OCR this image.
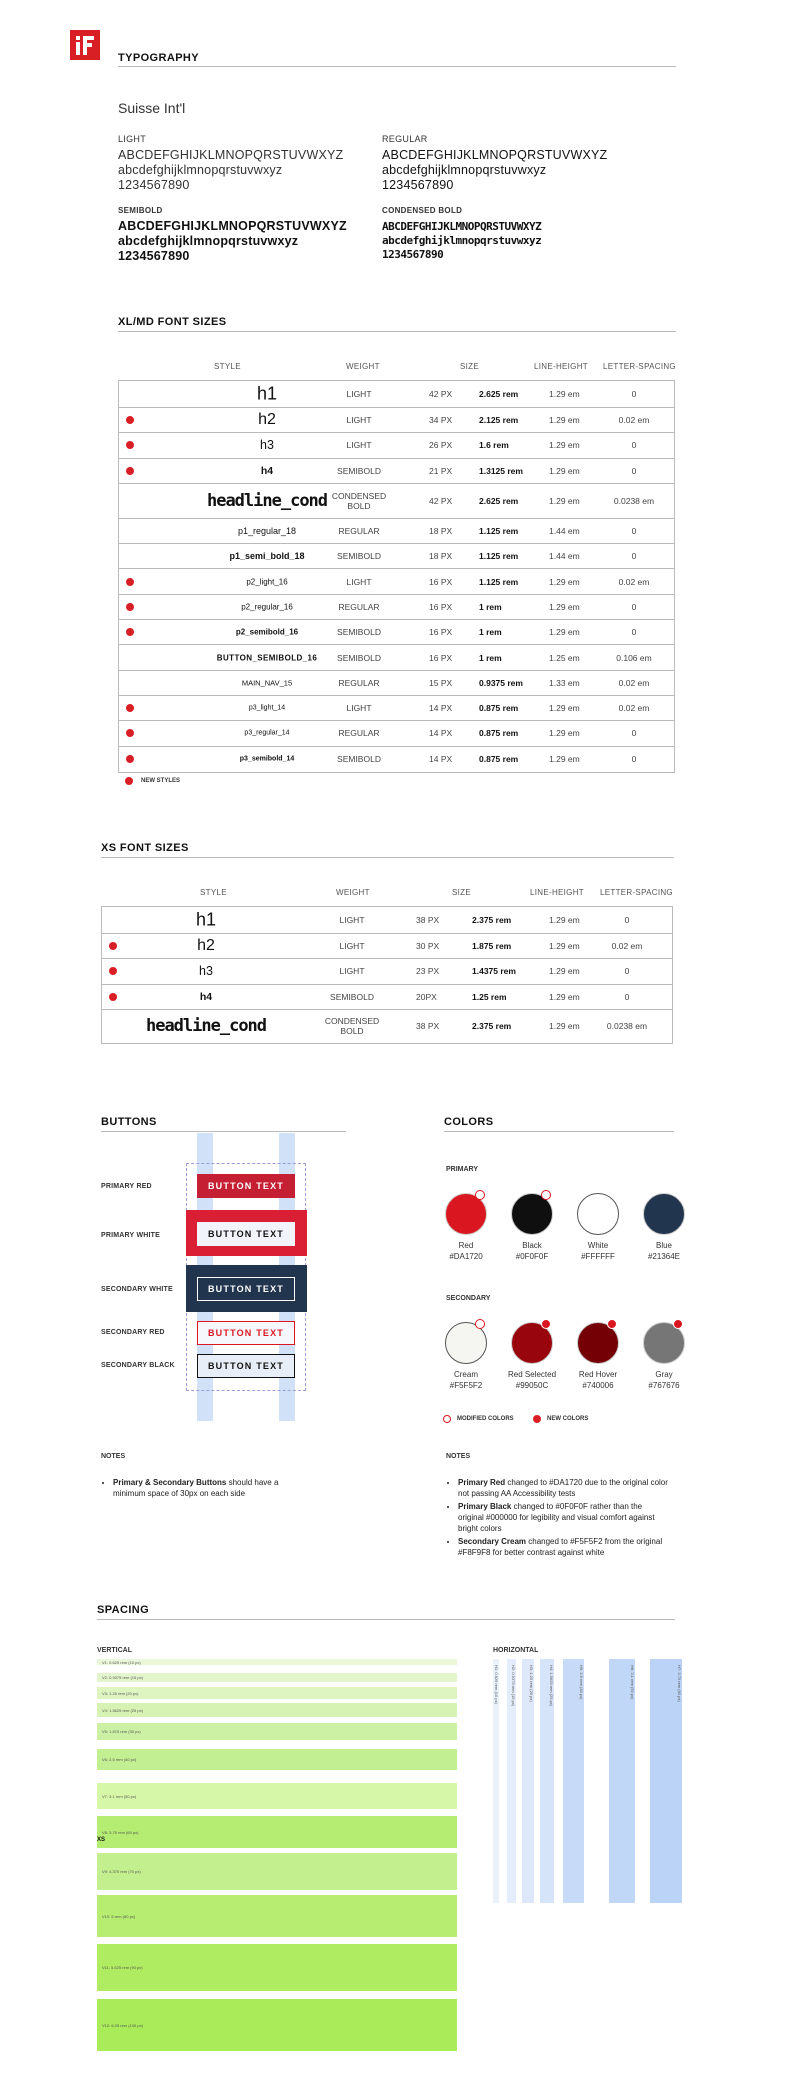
TYPOGRAPHY
Suisse Int'l
LIGHT
ABCDEFGHIJKLMNOPQRSTUVWXYZ
abcdefghijklmnopqrstuvwxyz
1234567890
REGULAR
ABCDEFGHIJKLMNOPQRSTUVWXYZ
abcdefghijklmnopqrstuvwxyz
1234567890
SEMIBOLD
ABCDEFGHIJKLMNOPQRSTUVWXYZ
abcdefghijklmnopqrstuvwxyz
1234567890
CONDENSED BOLD
ABCDEFGHIJKLMNOPQRSTUVWXYZ
abcdefghijklmnopqrstuvwxyz
1234567890
XL/MD FONT SIZES
STYLE	WEIGHT	SIZE	LINE-HEIGHT LETTER-SPACING
h1	LIGHT	42 PX	2.625 rem	1.29 em	0
h2	LIGHT	34 PX	2.125 rem	1.29 em	0.02 em
h3	LIGHT	26 PX	1.6 rem	1.29 em	0
h4	SEMIBOLD	21 PX	1.3125 rem	1.29 em	0
headline_cond CONDENSED BOLD	42 PX	2.625 rem	1.29 em	0.0238 em
p1_regular_18	REGULAR	18 PX	1.125 rem	1.44 em	0
p1_semi_bold_18	SEMIBOLD	18 PX	1.125 rem	1.44 em	0
p2_light_16	LIGHT	16 PX	1.125 rem	1.29 em	0.02 em
p2_regular_16	REGULAR	16 PX	1 rem	1.29 em	0
p2_semibold_16	SEMIBOLD	16 PX	1 rem	1.29 em	0
BUTTON_SEMIBOLD_16	SEMIBOLD	16 PX	1 rem	1.25 em	0.106 em
MAIN_NAV_15	REGULAR	15 PX	0.9375 rem	1.33 em	0.02 em
p3_light_14	LIGHT	14 PX	0.875 rem	1.29 em	0.02 em
p3_regular_14	REGULAR	14 PX	0.875 rem	1.29 em	0
p3_semibold_14	SEMIBOLD	14 PX	0.875 rem	1.29 em	0
NEW STYLES
XS FONT SIZES
STYLE	WEIGHT	SIZE	LINE-HEIGHT LETTER-SPACING
h1	LIGHT	38 PX	2.375 rem	1.29 em	0
h2	LIGHT	30 PX	1.875 rem	1.29 em	0.02 em
h3	LIGHT	23 PX	1.4375 rem	1.29 em	0
h4	SEMIBOLD	20PX	1.25 rem	1.29 em	0
headline_cond	CONDENSED BOLD	38 PX	2.375 rem	1.29 em	0.0238 em
BUTTONS
PRIMARY RED	BUTTON TEXT
PRIMARY WHITE	BUTTON TEXT
SECONDARY WHITE	BUTTON TEXT
SECONDARY RED	BUTTON TEXT
SECONDARY BLACK	BUTTON TEXT
NOTES
• Primary & Secondary Buttons should have a minimum space of 30px on each side
COLORS
PRIMARY
Red
#DA1720
Black
#0F0F0F
White
#FFFFFF
Blue
#21364E
SECONDARY
Cream
#F5F5F2
Red Selected
#99050C
Red Hover
#740006
Gray
#767676
MODIFIED COLORS	NEW COLORS
NOTES
• Primary Red changed to #DA1720 due to the original color not passing AA Accessibility tests
• Primary Black changed to #0F0F0F rather than the original #000000 for legibility and visual comfort against bright colors
• Secondary Cream changed to #F5F5F2 from the original #F8F9F8 for better contrast against white
SPACING
VERTICAL	HORIZONTAL
V1: 0.625 rem (10 px)
V2: 0.9375 rem (15 px)
V3: 1.25 rem (20 px)
V4: 1.5625 rem (25 px)
V5: 1.875 rem (30 px)
V6: 2.5 rem (40 px)
V7: 3.1 rem (50 px)
V8: 3.75 rem (60 px)
V9: 4.375 rem (70 px)
V10: 5 rem (80 px)
V11: 5.625 rem (90 px)
V12: 6.25 rem (100 px)
XS
H1: 0.625 rem (10 px)	H2: 0.9375 rem (15 px)	H3: 1.25 rem (20 px)	H4: 1.5625 rem (25 px)	H5: 2.5 rem (40 px)	H6: 3.1 rem (50 px)	H7: 3.75 rem (60 px)
